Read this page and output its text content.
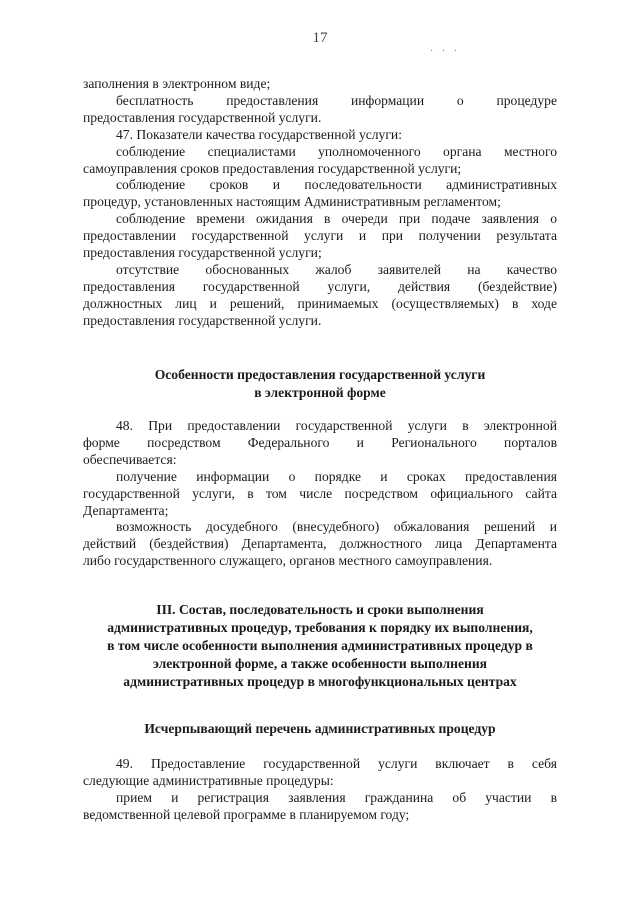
17
· · ·
заполнения в электронном виде;
бесплатность предоставления информации о процедуре
предоставления государственной услуги.
47. Показатели качества государственной услуги:
соблюдение специалистами уполномоченного органа местного
самоуправления сроков предоставления государственной услуги;
соблюдение сроков и последовательности административных
процедур, установленных настоящим Административным регламентом;
соблюдение времени ожидания в очереди при подаче заявления о
предоставлении государственной услуги и при получении результата
предоставления государственной услуги;
отсутствие обоснованных жалоб заявителей на качество
предоставления государственной услуги, действия (бездействие)
должностных лиц и решений, принимаемых (осуществляемых) в ходе
предоставления государственной услуги.
Особенности предоставления государственной услуги
в электронной форме
48. При предоставлении государственной услуги в электронной
форме посредством Федерального и Регионального порталов
обеспечивается:
получение информации о порядке и сроках предоставления
государственной услуги, в том числе посредством официального сайта
Департамента;
возможность досудебного (внесудебного) обжалования решений и
действий (бездействия) Департамента, должностного лица Департамента
либо государственного служащего, органов местного самоуправления.
III. Состав, последовательность и сроки выполнения
административных процедур, требования к порядку их выполнения,
в том числе особенности выполнения административных процедур в
электронной форме, а также особенности выполнения
административных процедур в многофункциональных центрах
Исчерпывающий перечень административных процедур
49. Предоставление государственной услуги включает в себя
следующие административные процедуры:
прием и регистрация заявления гражданина об участии в
ведомственной целевой программе в планируемом году;
